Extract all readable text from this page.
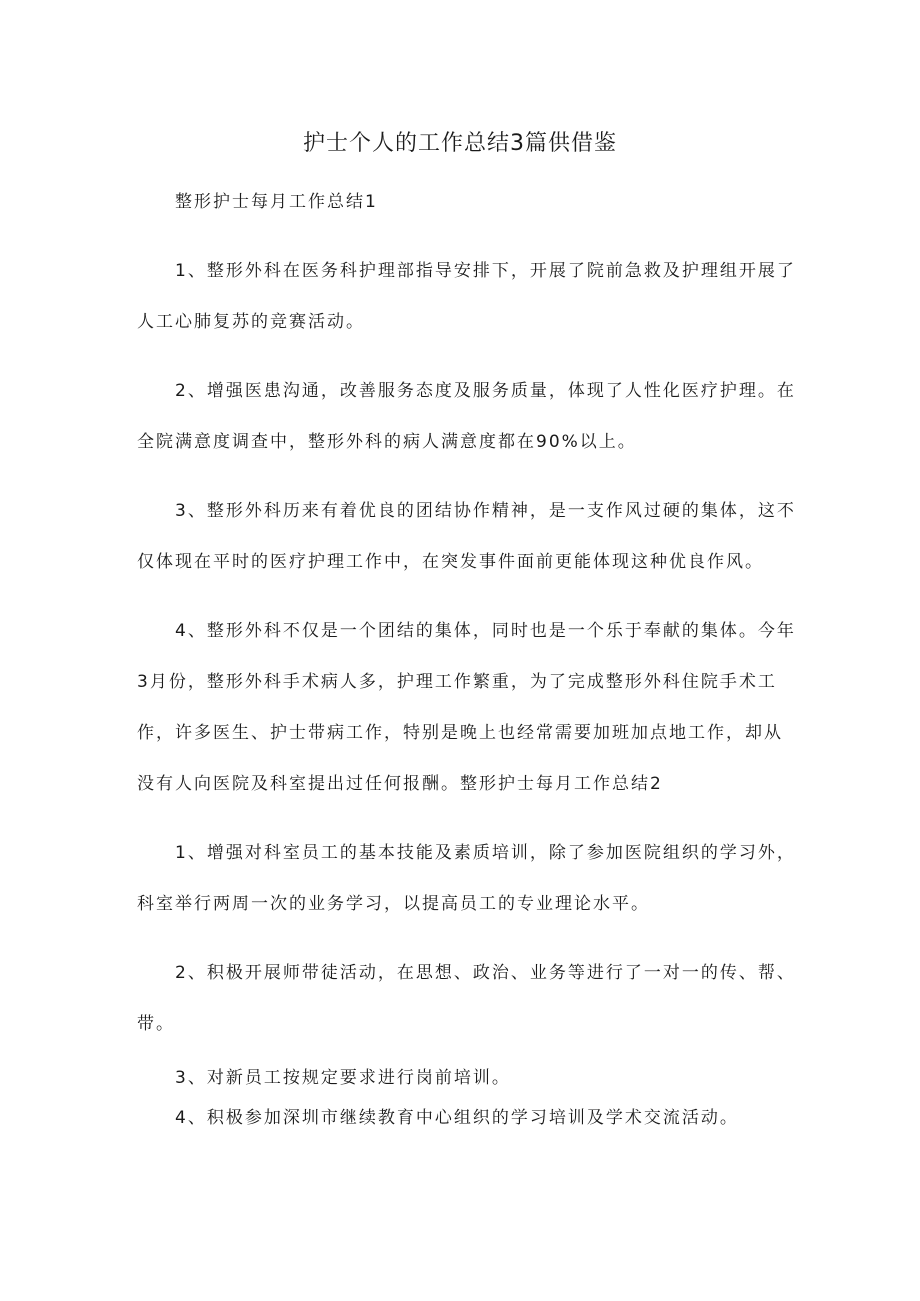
护士个人的工作总结3篇供借鉴

整形护士每月工作总结1

1、整形外科在医务科护理部指导安排下，开展了院前急救及护理组开展了人工心肺复苏的竞赛活动。

2、增强医患沟通，改善服务态度及服务质量，体现了人性化医疗护理。在全院满意度调查中，整形外科的病人满意度都在90%以上。

3、整形外科历来有着优良的团结协作精神，是一支作风过硬的集体，这不仅体现在平时的医疗护理工作中，在突发事件面前更能体现这种优良作风。

4、整形外科不仅是一个团结的集体，同时也是一个乐于奉献的集体。今年3月份，整形外科手术病人多，护理工作繁重，为了完成整形外科住院手术工作，许多医生、护士带病工作，特别是晚上也经常需要加班加点地工作，却从没有人向医院及科室提出过任何报酬。整形护士每月工作总结2

1、增强对科室员工的基本技能及素质培训，除了参加医院组织的学习外，科室举行两周一次的业务学习，以提高员工的专业理论水平。

2、积极开展师带徒活动，在思想、政治、业务等进行了一对一的传、帮、带。

3、对新员工按规定要求进行岗前培训。

4、积极参加深圳市继续教育中心组织的学习培训及学术交流活动。
